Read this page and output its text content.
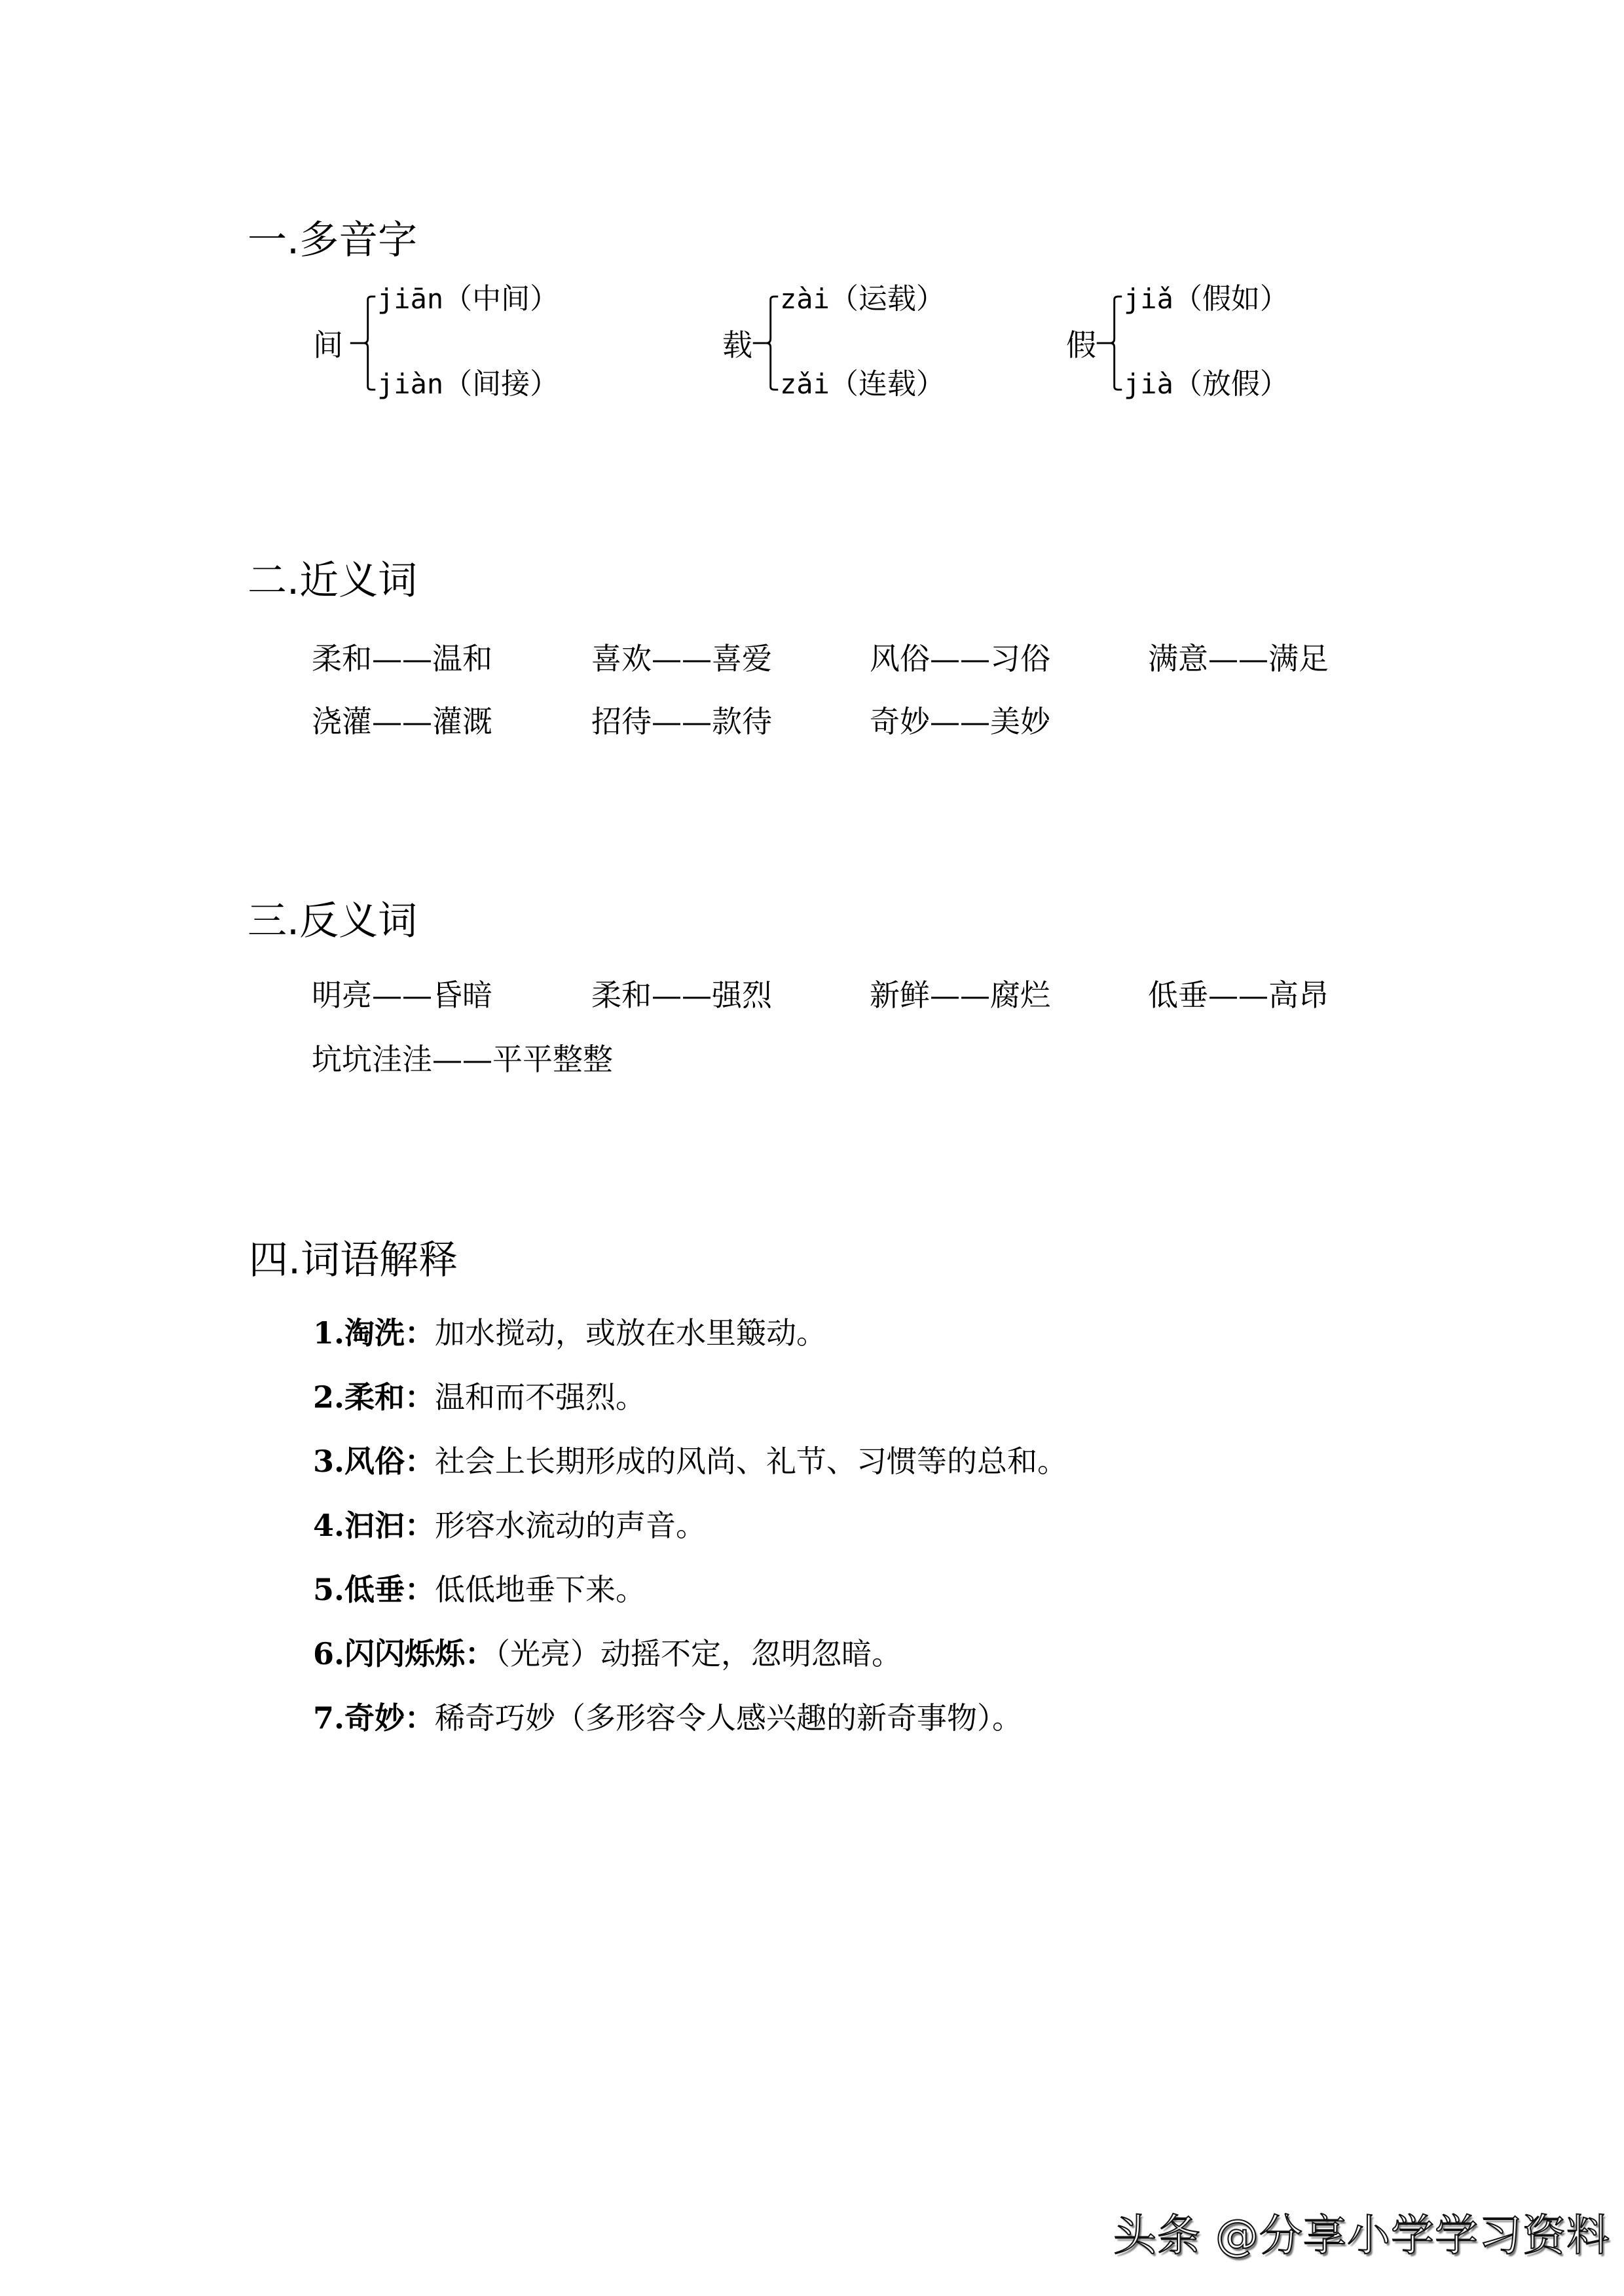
一.多音字
间
jiān（中间）
jiàn（间接）
载
zài（运载）
zǎi（连载）
假
jiǎ（假如）
jià（放假）
二.近义词
柔和——温和	喜欢——喜爱	风俗——习俗	满意——满足
浇灌——灌溉	招待——款待	奇妙——美妙
三.反义词
明亮——昏暗	柔和——强烈	新鲜——腐烂	低垂——高昂
坑坑洼洼——平平整整
四.词语解释
1.淘洗：加水搅动，或放在水里簸动。
2.柔和：温和而不强烈。
3.风俗：社会上长期形成的风尚、礼节、习惯等的总和。
4.汩汩：形容水流动的声音。
5.低垂：低低地垂下来。
6.闪闪烁烁：（光亮）动摇不定，忽明忽暗。
7.奇妙：稀奇巧妙（多形容令人感兴趣的新奇事物）。
头条 @分享小学学习资料
